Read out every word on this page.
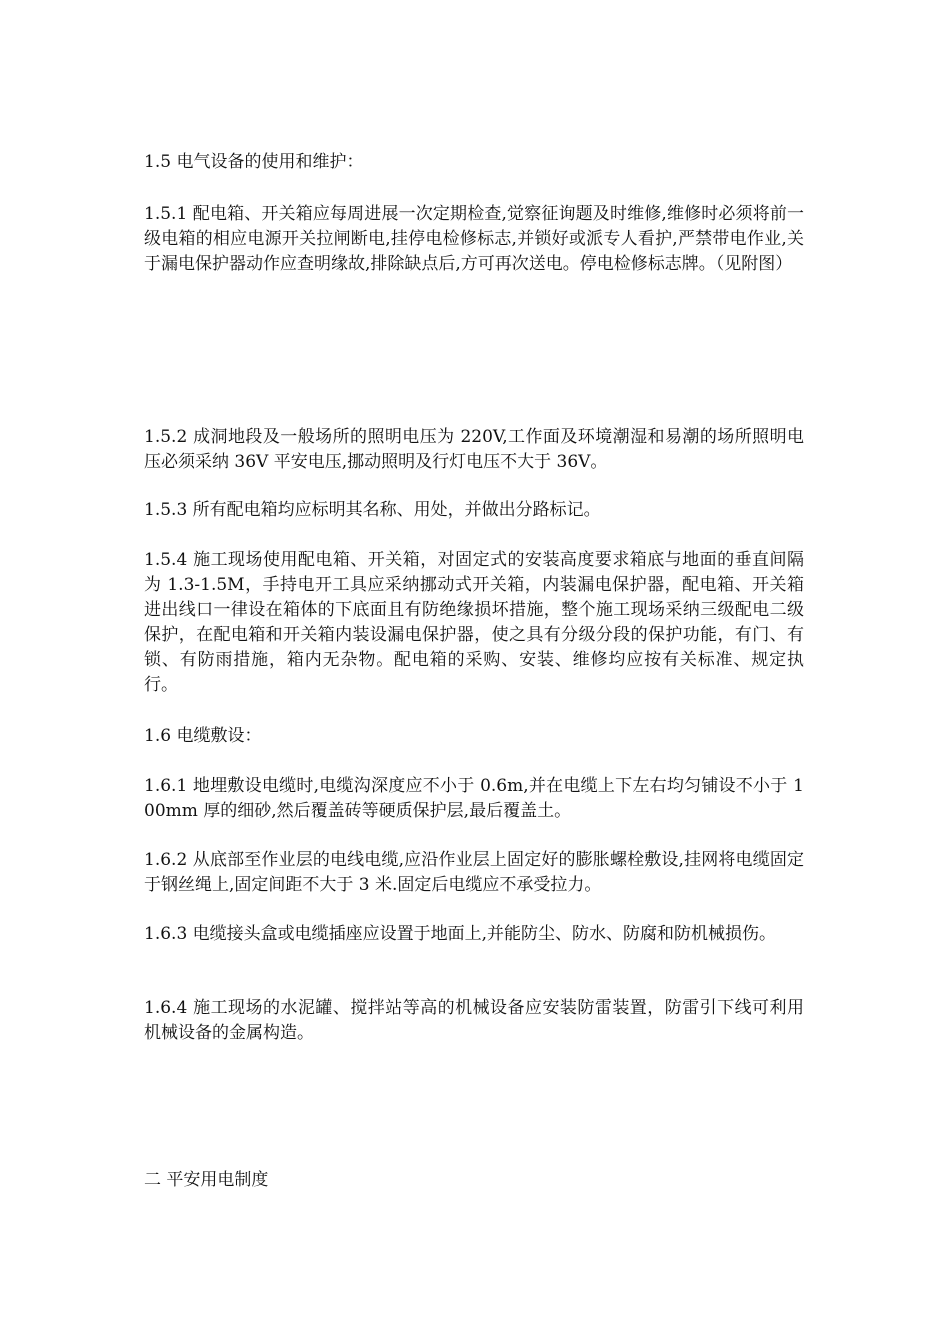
1.5 电气设备的使用和维护：

1.5.1 配电箱、开关箱应每周进展一次定期检查,觉察征询题及时维修,维修时必须将前一级电箱的相应电源开关拉闸断电,挂停电检修标志,并锁好或派专人看护,严禁带电作业,关于漏电保护器动作应查明缘故,排除缺点后,方可再次送电。停电检修标志牌。（见附图）

1.5.2 成洞地段及一般场所的照明电压为 220V,工作面及环境潮湿和易潮的场所照明电压必须采纳 36V 平安电压,挪动照明及行灯电压不大于 36V。

1.5.3 所有配电箱均应标明其名称、用处，并做出分路标记。

1.5.4 施工现场使用配电箱、开关箱，对固定式的安装高度要求箱底与地面的垂直间隔为 1.3-1.5M，手持电开工具应采纳挪动式开关箱，内装漏电保护器，配电箱、开关箱进出线口一律设在箱体的下底面且有防绝缘损坏措施，整个施工现场采纳三级配电二级保护，在配电箱和开关箱内装设漏电保护器，使之具有分级分段的保护功能，有门、有锁、有防雨措施，箱内无杂物。配电箱的采购、安装、维修均应按有关标准、规定执行。

1.6 电缆敷设：

1.6.1 地埋敷设电缆时,电缆沟深度应不小于 0.6m,并在电缆上下左右均匀铺设不小于 100mm 厚的细砂,然后覆盖砖等硬质保护层,最后覆盖土。

1.6.2 从底部至作业层的电线电缆,应沿作业层上固定好的膨胀螺栓敷设,挂网将电缆固定于钢丝绳上,固定间距不大于 3 米.固定后电缆应不承受拉力。

1.6.3 电缆接头盒或电缆插座应设置于地面上,并能防尘、防水、防腐和防机械损伤。

1.6.4 施工现场的水泥罐、搅拌站等高的机械设备应安装防雷装置，防雷引下线可利用机械设备的金属构造。

二 平安用电制度
